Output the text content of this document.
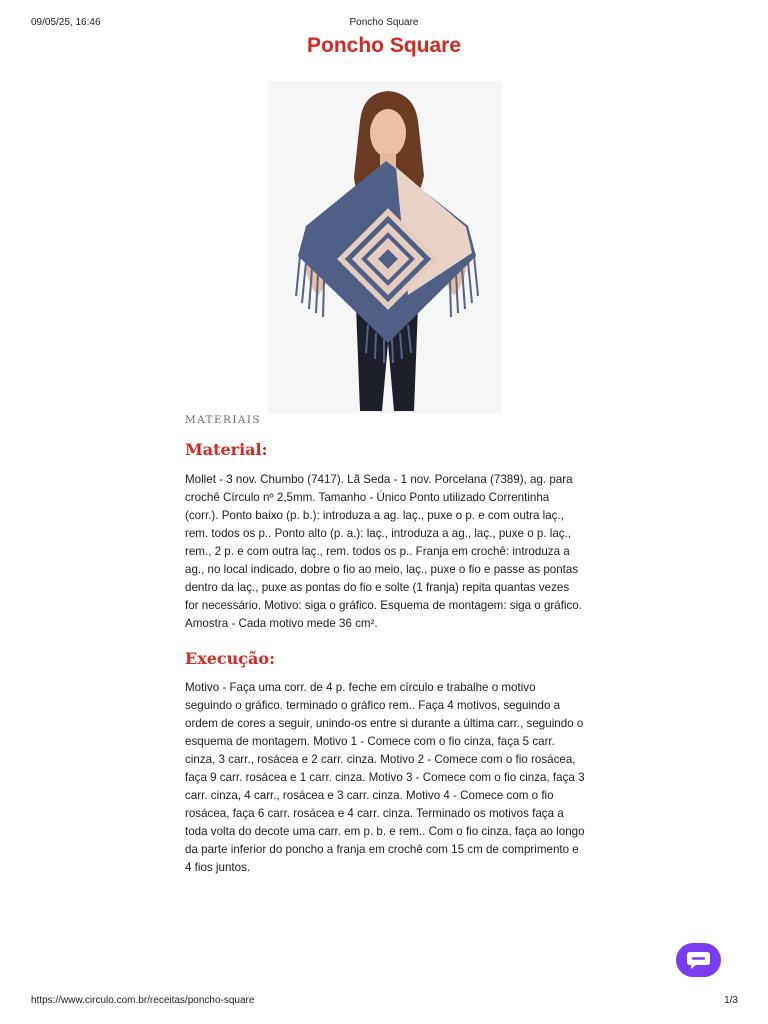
09/05/25, 16:46	Poncho Square
Poncho Square
MATERIAIS
Material:

Mollet - 3 nov. Chumbo (7417). Lã Seda - 1 nov. Porcelana (7389), ag. para crochê Círculo nº 2,5mm. Tamanho - Único Ponto utilizado Correntinha (corr.). Ponto baixo (p. b.): introduza a ag. laç., puxe o p. e com outra laç., rem. todos os p.. Ponto alto (p. a.): laç., introduza a ag., laç., puxe o p. laç., rem., 2 p. e com outra laç., rem. todos os p.. Franja em crochê: introduza a ag., no local indicado, dobre o fio ao meio, laç., puxe o fio e passe as pontas dentro da laç., puxe as pontas do fio e solte (1 franja) repita quantas vezes for necessário. Motivo: siga o gráfico. Esquema de montagem: siga o gráfico. Amostra - Cada motivo mede 36 cm².

Execução:

Motivo - Faça uma corr. de 4 p. feche em círculo e trabalhe o motivo seguindo o gráfico. terminado o gráfico rem.. Faça 4 motivos, seguindo a ordem de cores a seguir, unindo-os entre si durante a última carr., seguindo o esquema de montagem. Motivo 1 - Comece com o fio cinza, faça 5 carr. cinza, 3 carr., rosácea e 2 carr. cinza. Motivo 2 - Comece com o fio rosácea, faça 9 carr. rosácea e 1 carr. cinza. Motivo 3 - Comece com o fio cinza, faça 3 carr. cinza, 4 carr., rosácea e 3 carr. cinza. Motivo 4 - Comece com o fio rosácea, faça 6 carr. rosácea e 4 carr. cinza. Terminado os motivos faça a toda volta do decote uma carr. em p. b. e rem.. Com o fio cinza, faça ao longo da parte inferior do poncho a franja em crochê com 15 cm de comprimento e 4 fios juntos.

https://www.circulo.com.br/receitas/poncho-square	1/3
